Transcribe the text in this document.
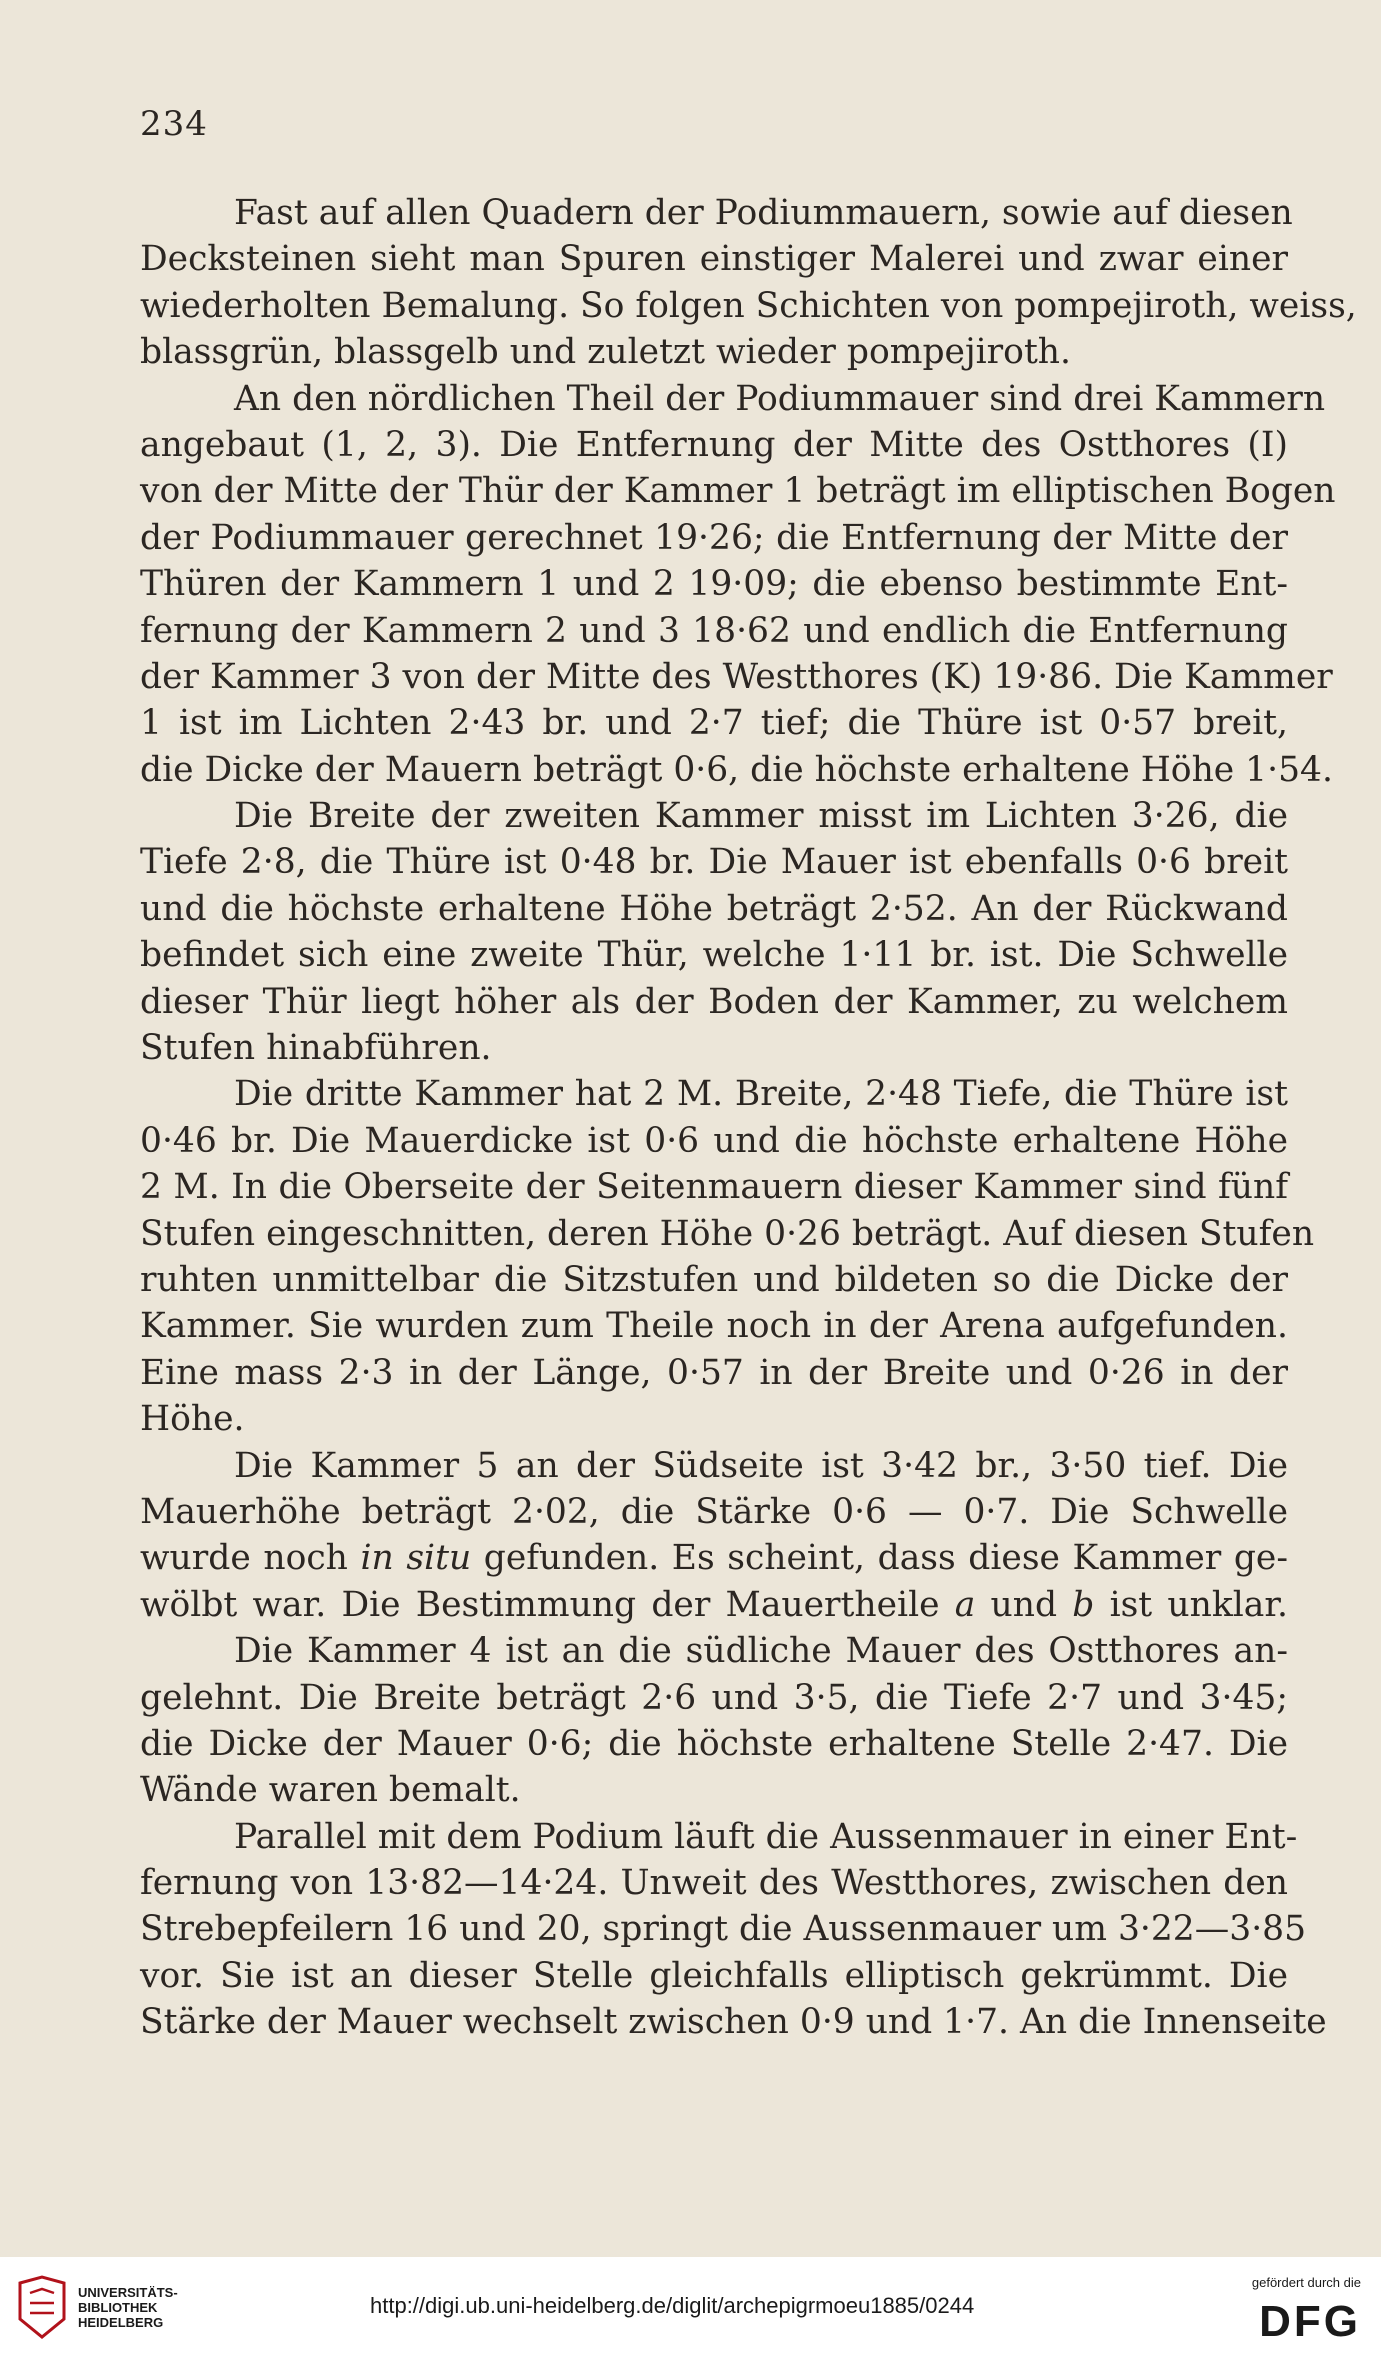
234
Fast auf allen Quadern der Podiummauern, sowie auf diesen
Decksteinen sieht man Spuren einstiger Malerei und zwar einer
wiederholten Bemalung. So folgen Schichten von pompejiroth, weiss,
blassgrün, blassgelb und zuletzt wieder pompejiroth.
An den nördlichen Theil der Podiummauer sind drei Kammern
angebaut (1, 2, 3). Die Entfernung der Mitte des Ostthores (I)
von der Mitte der Thür der Kammer 1 beträgt im elliptischen Bogen
der Podiummauer gerechnet 19·26; die Entfernung der Mitte der
Thüren der Kammern 1 und 2 19·09; die ebenso bestimmte Ent-
fernung der Kammern 2 und 3 18·62 und endlich die Entfernung
der Kammer 3 von der Mitte des Westthores (K) 19·86. Die Kammer
1 ist im Lichten 2·43 br. und 2·7 tief; die Thüre ist 0·57 breit,
die Dicke der Mauern beträgt 0·6, die höchste erhaltene Höhe 1·54.
Die Breite der zweiten Kammer misst im Lichten 3·26, die
Tiefe 2·8, die Thüre ist 0·48 br. Die Mauer ist ebenfalls 0·6 breit
und die höchste erhaltene Höhe beträgt 2·52. An der Rückwand
befindet sich eine zweite Thür, welche 1·11 br. ist. Die Schwelle
dieser Thür liegt höher als der Boden der Kammer, zu welchem
Stufen hinabführen.
Die dritte Kammer hat 2 M. Breite, 2·48 Tiefe, die Thüre ist
0·46 br. Die Mauerdicke ist 0·6 und die höchste erhaltene Höhe
2 M. In die Oberseite der Seitenmauern dieser Kammer sind fünf
Stufen eingeschnitten, deren Höhe 0·26 beträgt. Auf diesen Stufen
ruhten unmittelbar die Sitzstufen und bildeten so die Dicke der
Kammer. Sie wurden zum Theile noch in der Arena aufgefunden.
Eine mass 2·3 in der Länge, 0·57 in der Breite und 0·26 in der
Höhe.
Die Kammer 5 an der Südseite ist 3·42 br., 3·50 tief. Die
Mauerhöhe beträgt 2·02, die Stärke 0·6 — 0·7. Die Schwelle
wurde noch in situ gefunden. Es scheint, dass diese Kammer ge-
wölbt war. Die Bestimmung der Mauertheile a und b ist unklar.
Die Kammer 4 ist an die südliche Mauer des Ostthores an-
gelehnt. Die Breite beträgt 2·6 und 3·5, die Tiefe 2·7 und 3·45;
die Dicke der Mauer 0·6; die höchste erhaltene Stelle 2·47. Die
Wände waren bemalt.
Parallel mit dem Podium läuft die Aussenmauer in einer Ent-
fernung von 13·82—14·24. Unweit des Westthores, zwischen den
Strebepfeilern 16 und 20, springt die Aussenmauer um 3·22—3·85
vor. Sie ist an dieser Stelle gleichfalls elliptisch gekrümmt. Die
Stärke der Mauer wechselt zwischen 0·9 und 1·7. An die Innenseite
UNIVERSITÄTS-
BIBLIOTHEK
HEIDELBERG
http://digi.ub.uni-heidelberg.de/diglit/archepigrmoeu1885/0244
gefördert durch die
DFG
